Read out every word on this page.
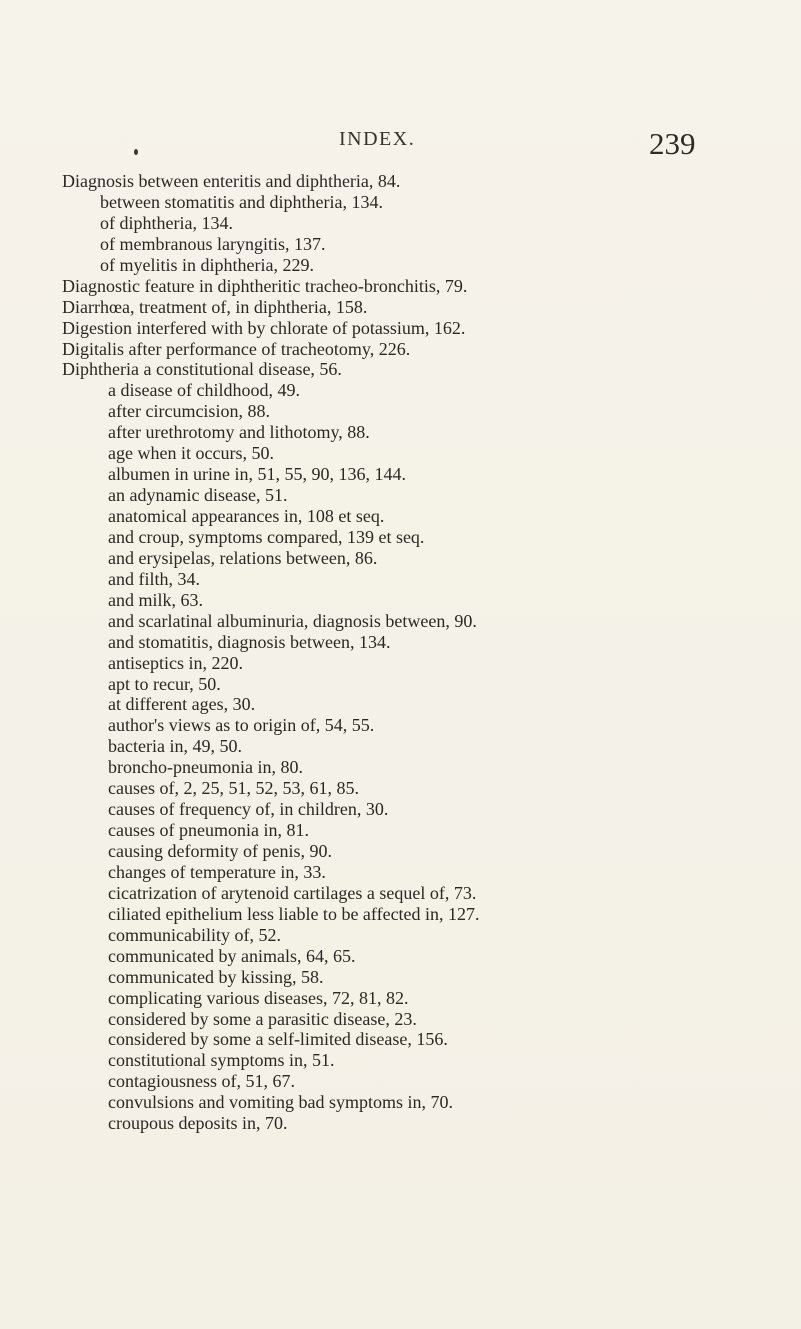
INDEX.	239
Diagnosis between enteritis and diphtheria, 84.
between stomatitis and diphtheria, 134.
of diphtheria, 134.
of membranous laryngitis, 137.
of myelitis in diphtheria, 229.
Diagnostic feature in diphtheritic tracheo-bronchitis, 79.
Diarrhœa, treatment of, in diphtheria, 158.
Digestion interfered with by chlorate of potassium, 162.
Digitalis after performance of tracheotomy, 226.
Diphtheria a constitutional disease, 56.
a disease of childhood, 49.
after circumcision, 88.
after urethrotomy and lithotomy, 88.
age when it occurs, 50.
albumen in urine in, 51, 55, 90, 136, 144.
an adynamic disease, 51.
anatomical appearances in, 108 et seq.
and croup, symptoms compared, 139 et seq.
and erysipelas, relations between, 86.
and filth, 34.
and milk, 63.
and scarlatinal albuminuria, diagnosis between, 90.
and stomatitis, diagnosis between, 134.
antiseptics in, 220.
apt to recur, 50.
at different ages, 30.
author's views as to origin of, 54, 55.
bacteria in, 49, 50.
broncho-pneumonia in, 80.
causes of, 2, 25, 51, 52, 53, 61, 85.
causes of frequency of, in children, 30.
causes of pneumonia in, 81.
causing deformity of penis, 90.
changes of temperature in, 33.
cicatrization of arytenoid cartilages a sequel of, 73.
ciliated epithelium less liable to be affected in, 127.
communicability of, 52.
communicated by animals, 64, 65.
communicated by kissing, 58.
complicating various diseases, 72, 81, 82.
considered by some a parasitic disease, 23.
considered by some a self-limited disease, 156.
constitutional symptoms in, 51.
contagiousness of, 51, 67.
convulsions and vomiting bad symptoms in, 70.
croupous deposits in, 70.
